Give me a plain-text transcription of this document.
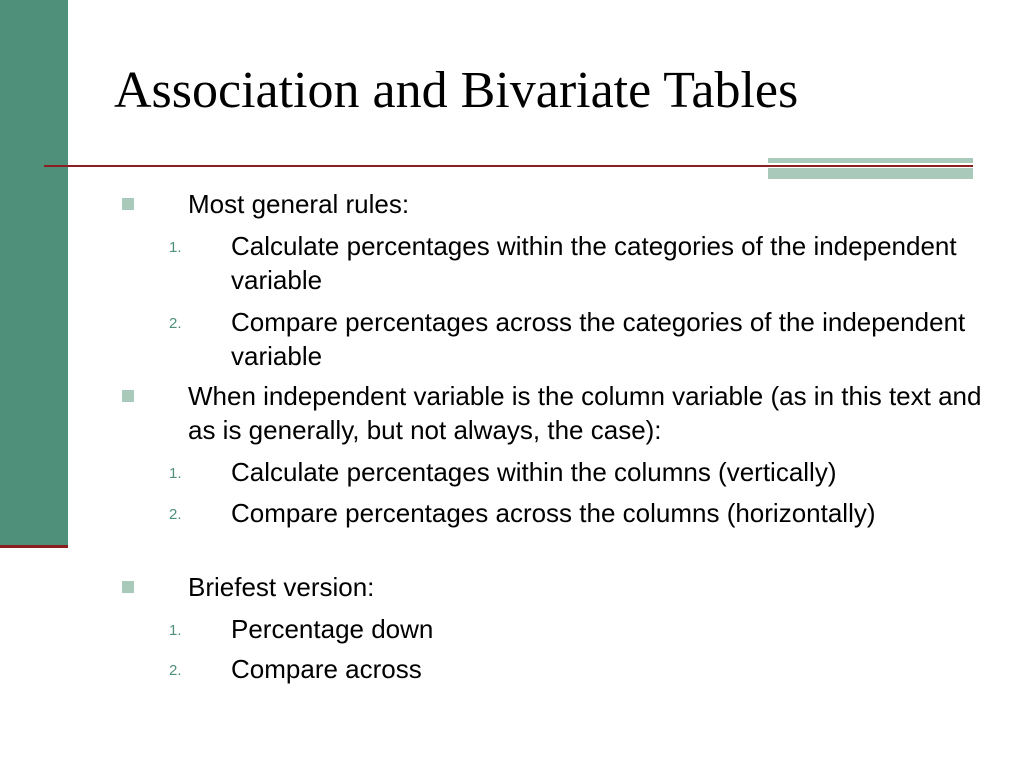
Association and Bivariate Tables
Most general rules:
1.	Calculate percentages within the categories of the independent variable
2.	Compare percentages across the categories of the independent variable
When independent variable is the column variable (as in this text and as is generally, but not always, the case):
1.	Calculate percentages within the columns (vertically)
2.	Compare percentages across the columns (horizontally)
Briefest version:
1.	Percentage down
2.	Compare across
